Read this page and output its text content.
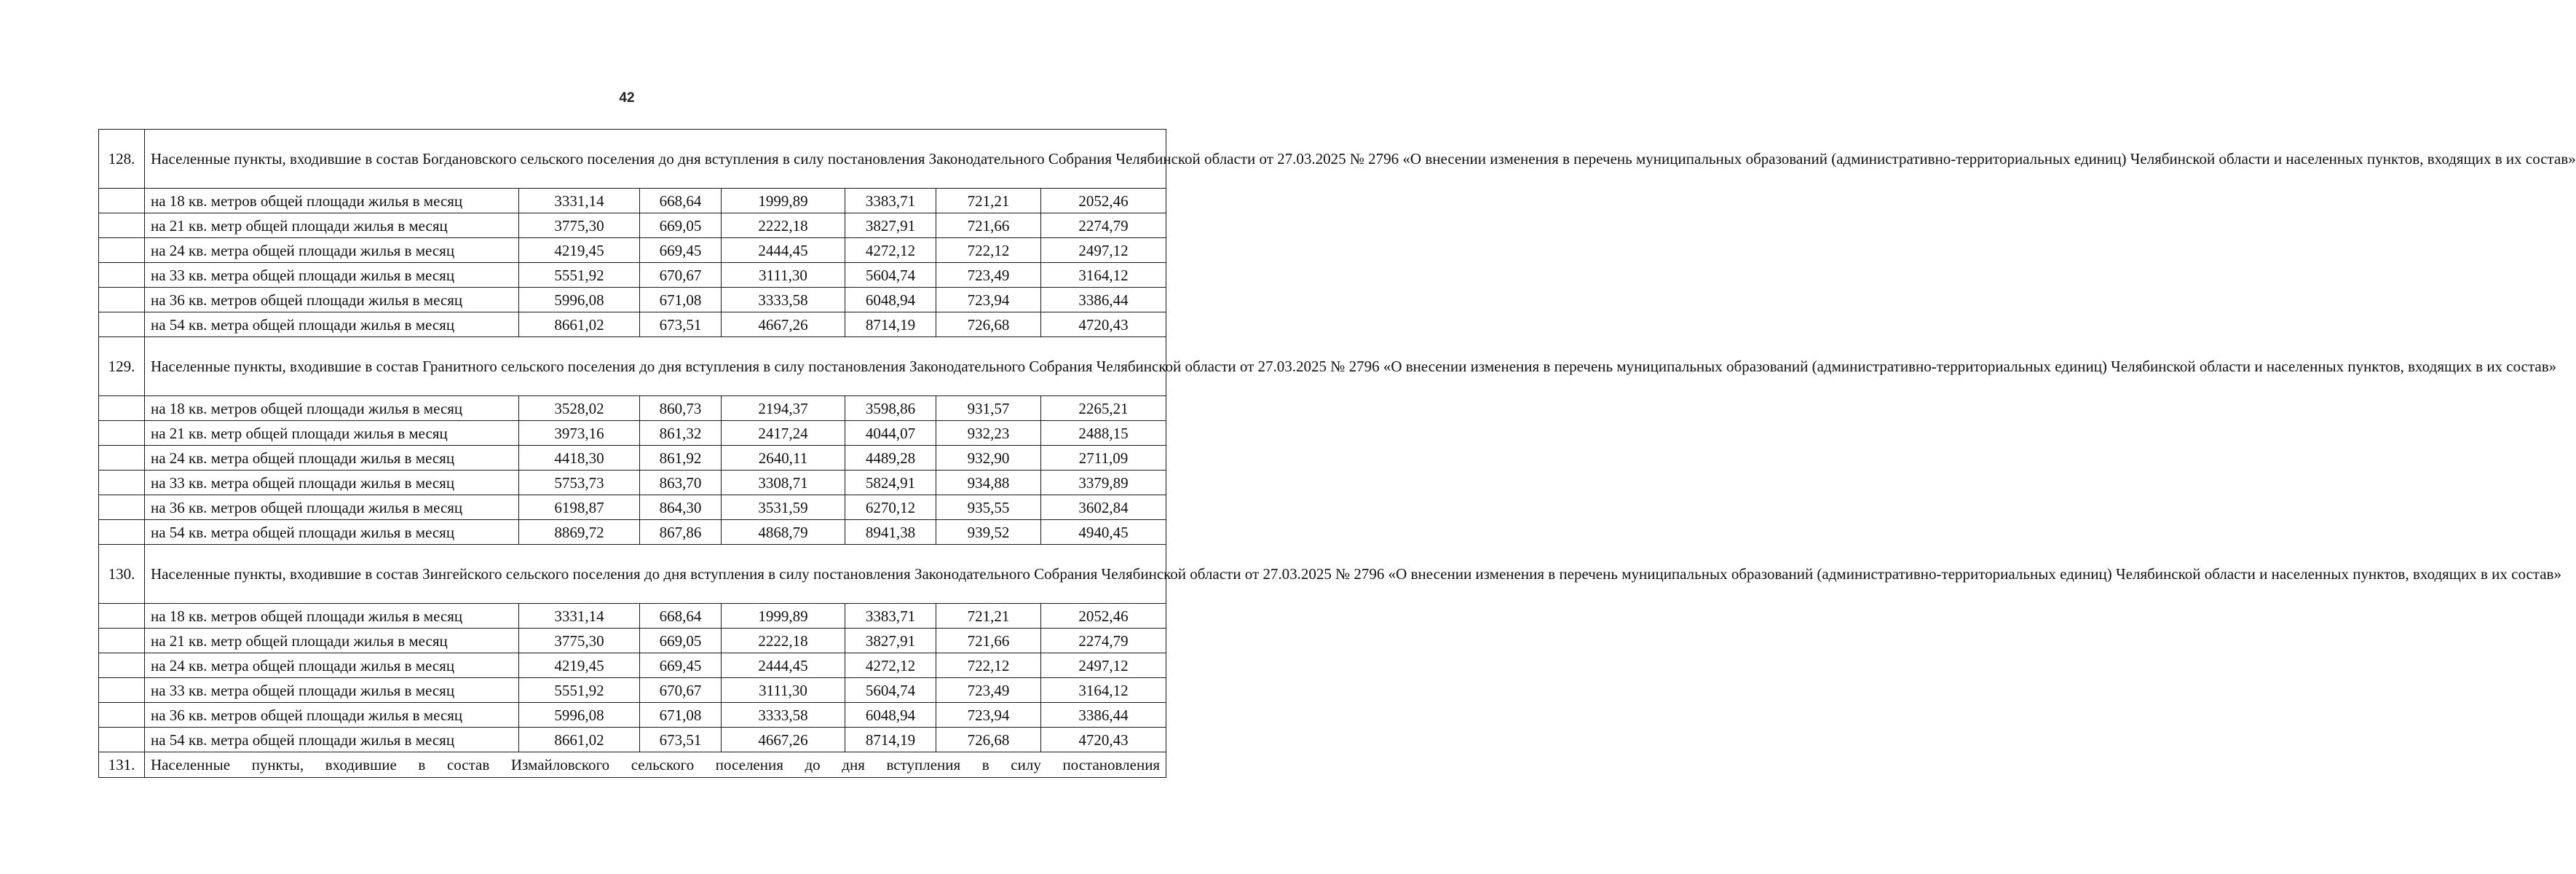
42
128.	Населенные пункты, входившие в состав Богдановского сельского поселения до дня вступления в силу постановления Законодательного Собрания Челябинской области от 27.03.2025 № 2796 «О внесении изменения в перечень муниципальных образований (административно-территориальных единиц) Челябинской области и населенных пунктов, входящих в их состав»						
	на 18 кв. метров общей площади жилья в месяц	3331,14	668,64	1999,89	3383,71	721,21	2052,46
	на 21 кв. метр общей площади жилья в месяц	3775,30	669,05	2222,18	3827,91	721,66	2274,79
	на 24 кв. метра общей площади жилья в месяц	4219,45	669,45	2444,45	4272,12	722,12	2497,12
	на 33 кв. метра общей площади жилья в месяц	5551,92	670,67	3111,30	5604,74	723,49	3164,12
	на 36 кв. метров общей площади жилья в месяц	5996,08	671,08	3333,58	6048,94	723,94	3386,44
	на 54 кв. метра общей площади жилья в месяц	8661,02	673,51	4667,26	8714,19	726,68	4720,43
129.	Населенные пункты, входившие в состав Гранитного сельского поселения до дня вступления в силу постановления Законодательного Собрания Челябинской области от 27.03.2025 № 2796 «О внесении изменения в перечень муниципальных образований (административно-территориальных единиц) Челябинской области и населенных пунктов, входящих в их состав»						
	на 18 кв. метров общей площади жилья в месяц	3528,02	860,73	2194,37	3598,86	931,57	2265,21
	на 21 кв. метр общей площади жилья в месяц	3973,16	861,32	2417,24	4044,07	932,23	2488,15
	на 24 кв. метра общей площади жилья в месяц	4418,30	861,92	2640,11	4489,28	932,90	2711,09
	на 33 кв. метра общей площади жилья в месяц	5753,73	863,70	3308,71	5824,91	934,88	3379,89
	на 36 кв. метров общей площади жилья в месяц	6198,87	864,30	3531,59	6270,12	935,55	3602,84
	на 54 кв. метра общей площади жилья в месяц	8869,72	867,86	4868,79	8941,38	939,52	4940,45
130.	Населенные пункты, входившие в состав Зингейского сельского поселения до дня вступления в силу постановления Законодательного Собрания Челябинской области от 27.03.2025 № 2796 «О внесении изменения в перечень муниципальных образований (административно-территориальных единиц) Челябинской области и населенных пунктов, входящих в их состав»						
	на 18 кв. метров общей площади жилья в месяц	3331,14	668,64	1999,89	3383,71	721,21	2052,46
	на 21 кв. метр общей площади жилья в месяц	3775,30	669,05	2222,18	3827,91	721,66	2274,79
	на 24 кв. метра общей площади жилья в месяц	4219,45	669,45	2444,45	4272,12	722,12	2497,12
	на 33 кв. метра общей площади жилья в месяц	5551,92	670,67	3111,30	5604,74	723,49	3164,12
	на 36 кв. метров общей площади жилья в месяц	5996,08	671,08	3333,58	6048,94	723,94	3386,44
	на 54 кв. метра общей площади жилья в месяц	8661,02	673,51	4667,26	8714,19	726,68	4720,43
131.	Населенные пункты, входившие в состав Измайловского сельского поселения до дня вступления в силу постановления						
